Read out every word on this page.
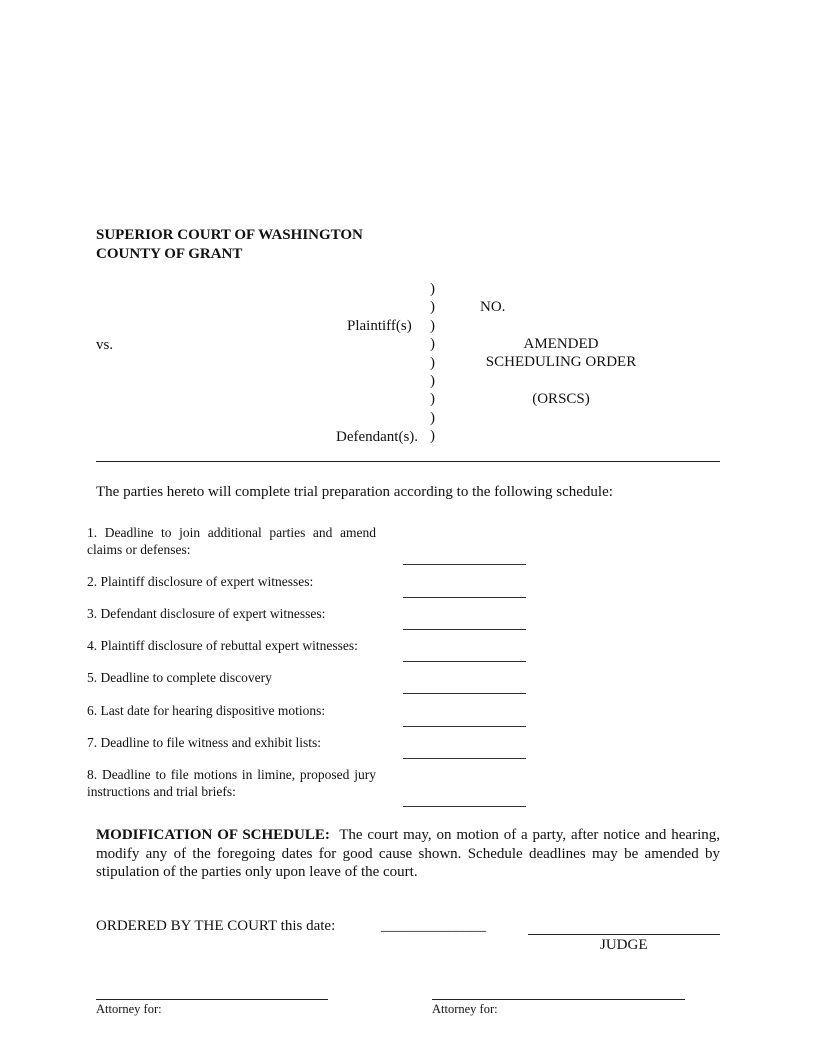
SUPERIOR COURT OF WASHINGTON
COUNTY OF GRANT
Plaintiff(s)
vs.
Defendant(s).
)
)
)
)
)
)
)
)
)
NO.
AMENDED
SCHEDULING ORDER
(ORSCS)
The parties hereto will complete trial preparation according to the following schedule:
1. Deadline to join additional parties and amend claims or defenses:
2. Plaintiff disclosure of expert witnesses:
3. Defendant disclosure of expert witnesses:
4. Plaintiff disclosure of rebuttal expert witnesses:
5. Deadline to complete discovery
6. Last date for hearing dispositive motions:
7. Deadline to file witness and exhibit lists:
8. Deadline to file motions in limine, proposed jury instructions and trial briefs:
MODIFICATION OF SCHEDULE: The court may, on motion of a party, after notice and hearing, modify any of the foregoing dates for good cause shown. Schedule deadlines may be amended by stipulation of the parties only upon leave of the court.
ORDERED BY THE COURT this date:	______________
JUDGE
Attorney for:	Attorney for:
